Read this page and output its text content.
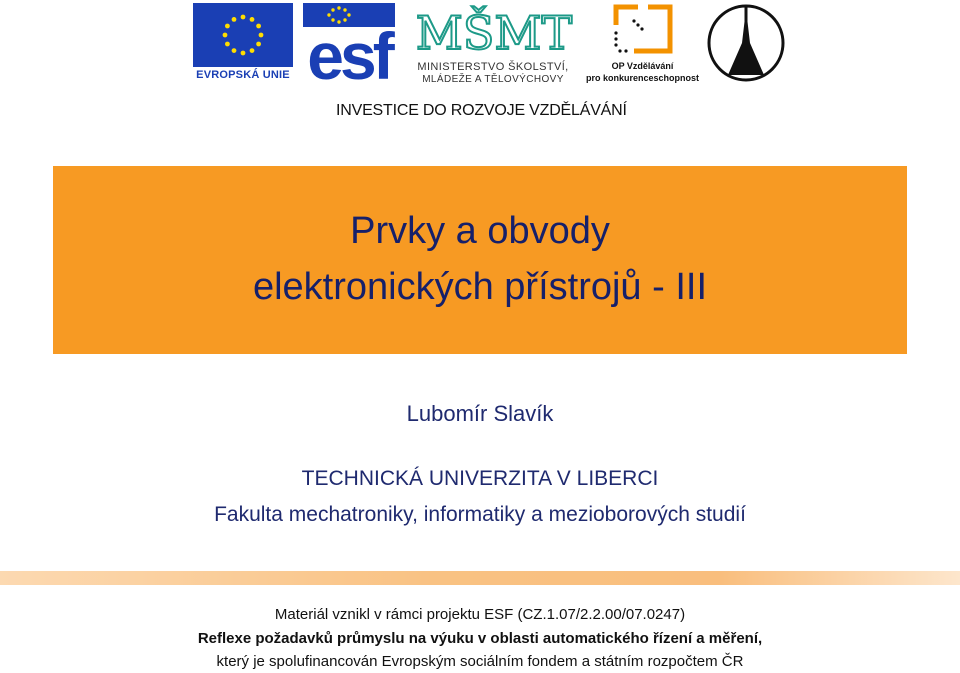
EVROPSKÁ UNIE esf MŠMT
MINISTERSTVO ŠKOLSTVÍ,
MLÁDEŽE A TĚLOVÝCHOVY
OP Vzdělávání
pro konkurenceschopnost
INVESTICE DO ROZVOJE VZDĚLÁVÁNÍ
Prvky a obvody
elektronických přístrojů - III
Lubomír Slavík
TECHNICKÁ UNIVERZITA V LIBERCI
Fakulta mechatroniky, informatiky a mezioborových studií
Materiál vznikl v rámci projektu ESF (CZ.1.07/2.2.00/07.0247)
Reflexe požadavků průmyslu na výuku v oblasti automatického řízení a měření,
který je spolufinancován Evropským sociálním fondem a státním rozpočtem ČR
